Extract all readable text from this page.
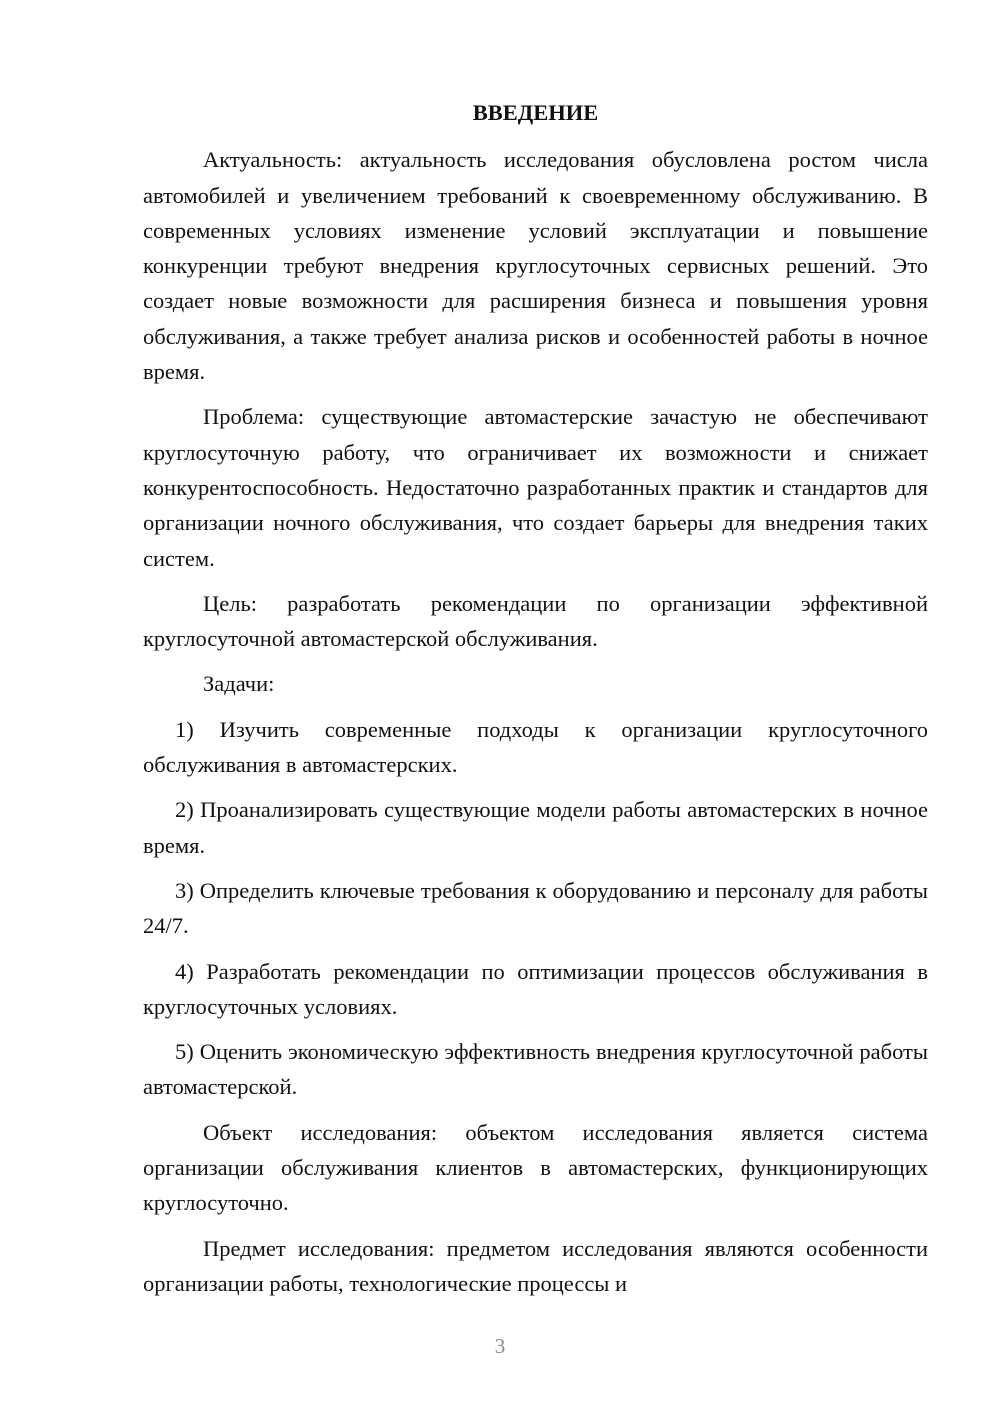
ВВЕДЕНИЕ

Актуальность: актуальность исследования обусловлена ростом числа автомобилей и увеличением требований к своевременному обслуживанию. В современных условиях изменение условий эксплуатации и повышение конкуренции требуют внедрения круглосуточных сервисных решений. Это создает новые возможности для расширения бизнеса и повышения уровня обслуживания, а также требует анализа рисков и особенностей работы в ночное время.

Проблема: существующие автомастерские зачастую не обеспечивают круглосуточную работу, что ограничивает их возможности и снижает конкурентоспособность. Недостаточно разработанных практик и стандартов для организации ночного обслуживания, что создает барьеры для внедрения таких систем.

Цель: разработать рекомендации по организации эффективной круглосуточной автомастерской обслуживания.

Задачи:

1) Изучить современные подходы к организации круглосуточного обслуживания в автомастерских.

2) Проанализировать существующие модели работы автомастерских в ночное время.

3) Определить ключевые требования к оборудованию и персоналу для работы 24/7.

4) Разработать рекомендации по оптимизации процессов обслуживания в круглосуточных условиях.

5) Оценить экономическую эффективность внедрения круглосуточной работы автомастерской.

Объект исследования: объектом исследования является система организации обслуживания клиентов в автомастерских, функционирующих круглосуточно.

Предмет исследования: предметом исследования являются особенности организации работы, технологические процессы и

3
